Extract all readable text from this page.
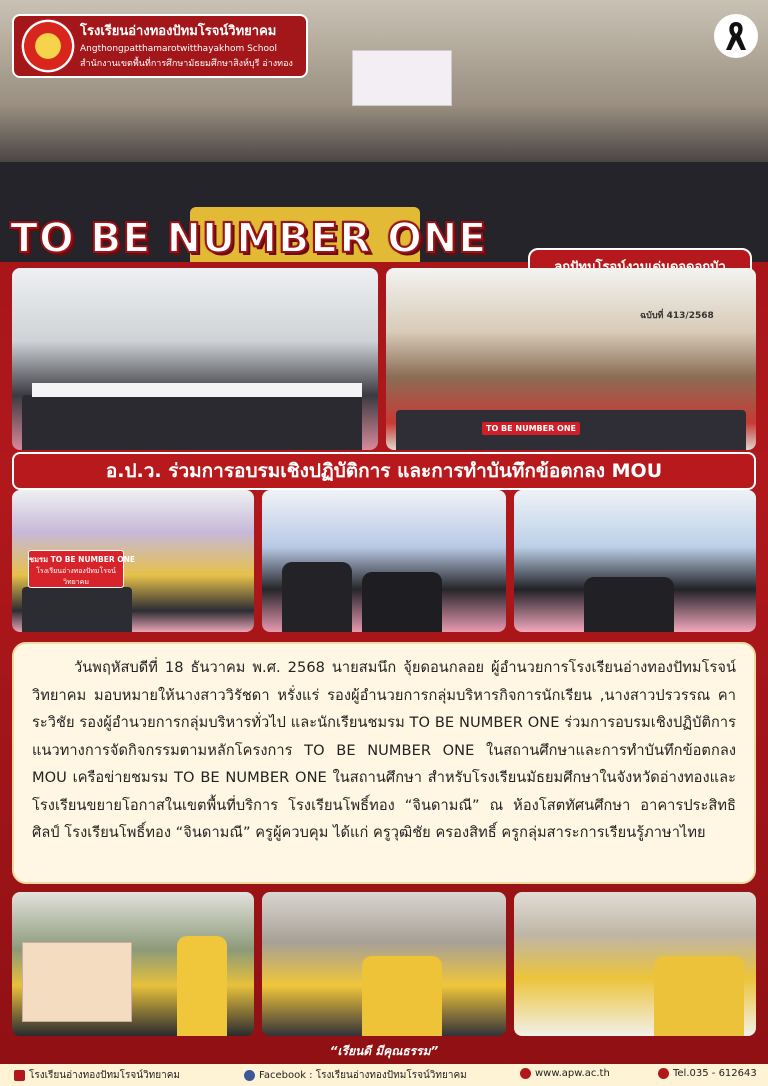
โรงเรียนอ่างทองปัทมโรจน์วิทยาคม
Angthongpatthamarotwitthayakhom School
สำนักงานเขตพื้นที่การศึกษามัธยมศึกษาสิงห์บุรี อ่างทอง
TO BE NUMBER ONE
TO BE NUMBER ONE
ฉบับที่ 413/2568
อ.ป.ว. ร่วมการอบรมเชิงปฏิบัติการ และการทำบันทึกข้อตกลง MOU
ชมรม TO BE NUMBER ONE
โรงเรียนอ่างทองปัทมโรจน์วิทยาคม

วันพฤหัสบดีที่ 18 ธันวาคม พ.ศ. 2568 นายสมนึก จุ้ยดอนกลอย ผู้อำนวยการโรงเรียนอ่างทองปัทมโรจน์วิทยาคม มอบหมายให้นางสาววิรัชดา หรั่งแร่ รองผู้อำนวยการกลุ่มบริหารกิจการนักเรียน ,นางสาวปรวรรณ คาระวิชัย รองผู้อำนวยการกลุ่มบริหารทั่วไป และนักเรียนชมรม TO BE NUMBER ONE ร่วมการอบรมเชิงปฏิบัติการแนวทางการจัดกิจกรรมตามหลักโครงการ TO BE NUMBER ONE ในสถานศึกษาและการทำบันทึกข้อตกลง MOU เครือข่ายชมรม TO BE NUMBER ONE ในสถานศึกษา สำหรับโรงเรียนมัธยมศึกษาในจังหวัดอ่างทองและโรงเรียนขยายโอกาสในเขตพื้นที่บริการ โรงเรียนโพธิ์ทอง “จินดามณี” ณ ห้องโสตทัศนศึกษา อาคารประสิทธิศิลป์ โรงเรียนโพธิ์ทอง “จินดามณี” ครูผู้ควบคุม ได้แก่ ครูวุฒิชัย ครองสิทธิ์ ครูกลุ่มสาระการเรียนรู้ภาษาไทย

“เรียนดี มีคุณธรรม”
โรงเรียนอ่างทองปัทมโรจน์วิทยาคม	Facebook : โรงเรียนอ่างทองปัทมโรจน์วิทยาคม	www.apw.ac.th	Tel.035 - 612643
